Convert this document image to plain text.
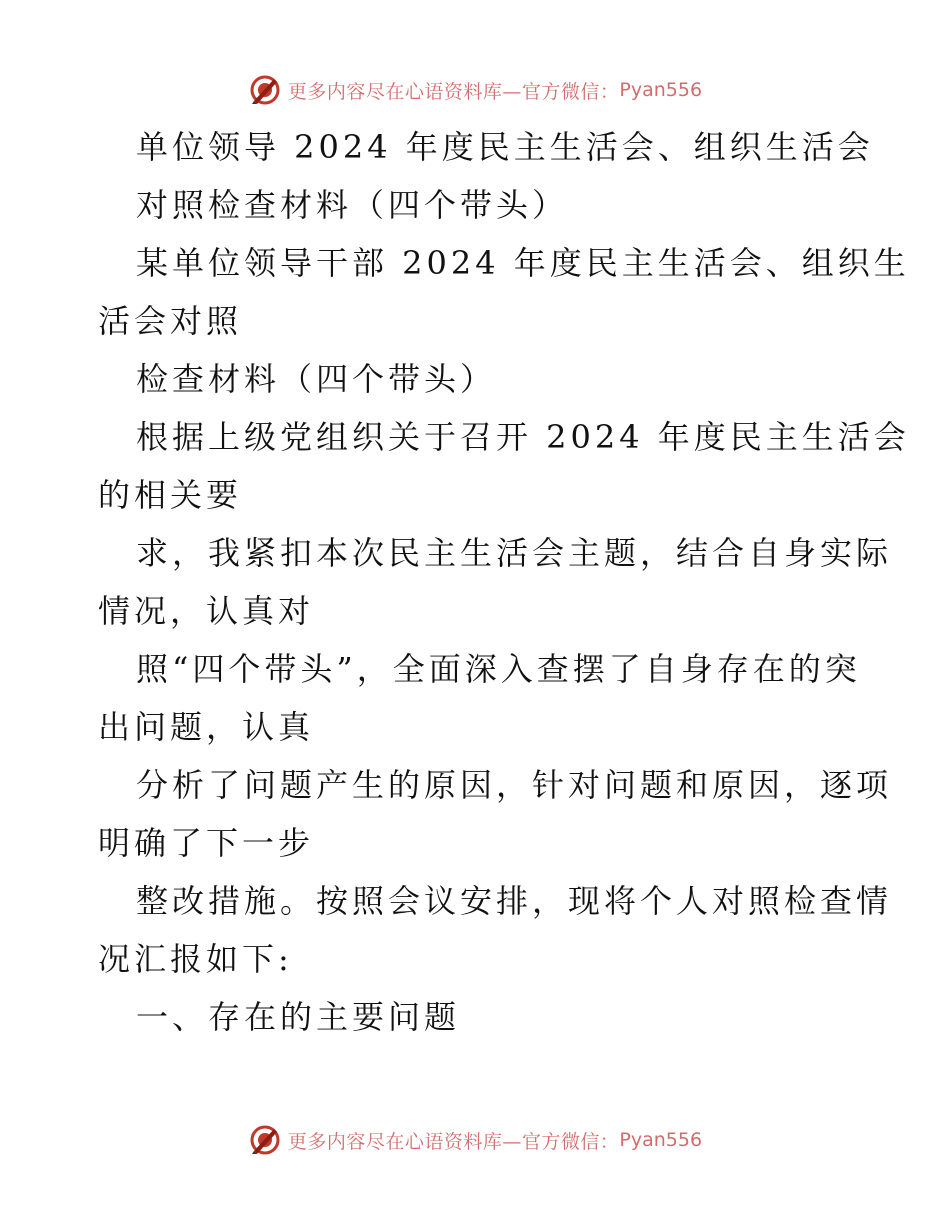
更多内容尽在心语资料库—官方微信： Pyan556
单位领导 2024 年度民主生活会、组织生活会
对照检查材料（四个带头）
某单位领导干部 2024 年度民主生活会、组织生
活会对照
检查材料（四个带头）
根据上级党组织关于召开 2024 年度民主生活会
的相关要
求，我紧扣本次民主生活会主题，结合自身实际
情况，认真对
照“四个带头”，全面深入查摆了自身存在的突
出问题，认真
分析了问题产生的原因，针对问题和原因，逐项
明确了下一步
整改措施。按照会议安排，现将个人对照检查情
况汇报如下:
一、存在的主要问题
更多内容尽在心语资料库—官方微信： Pyan556
